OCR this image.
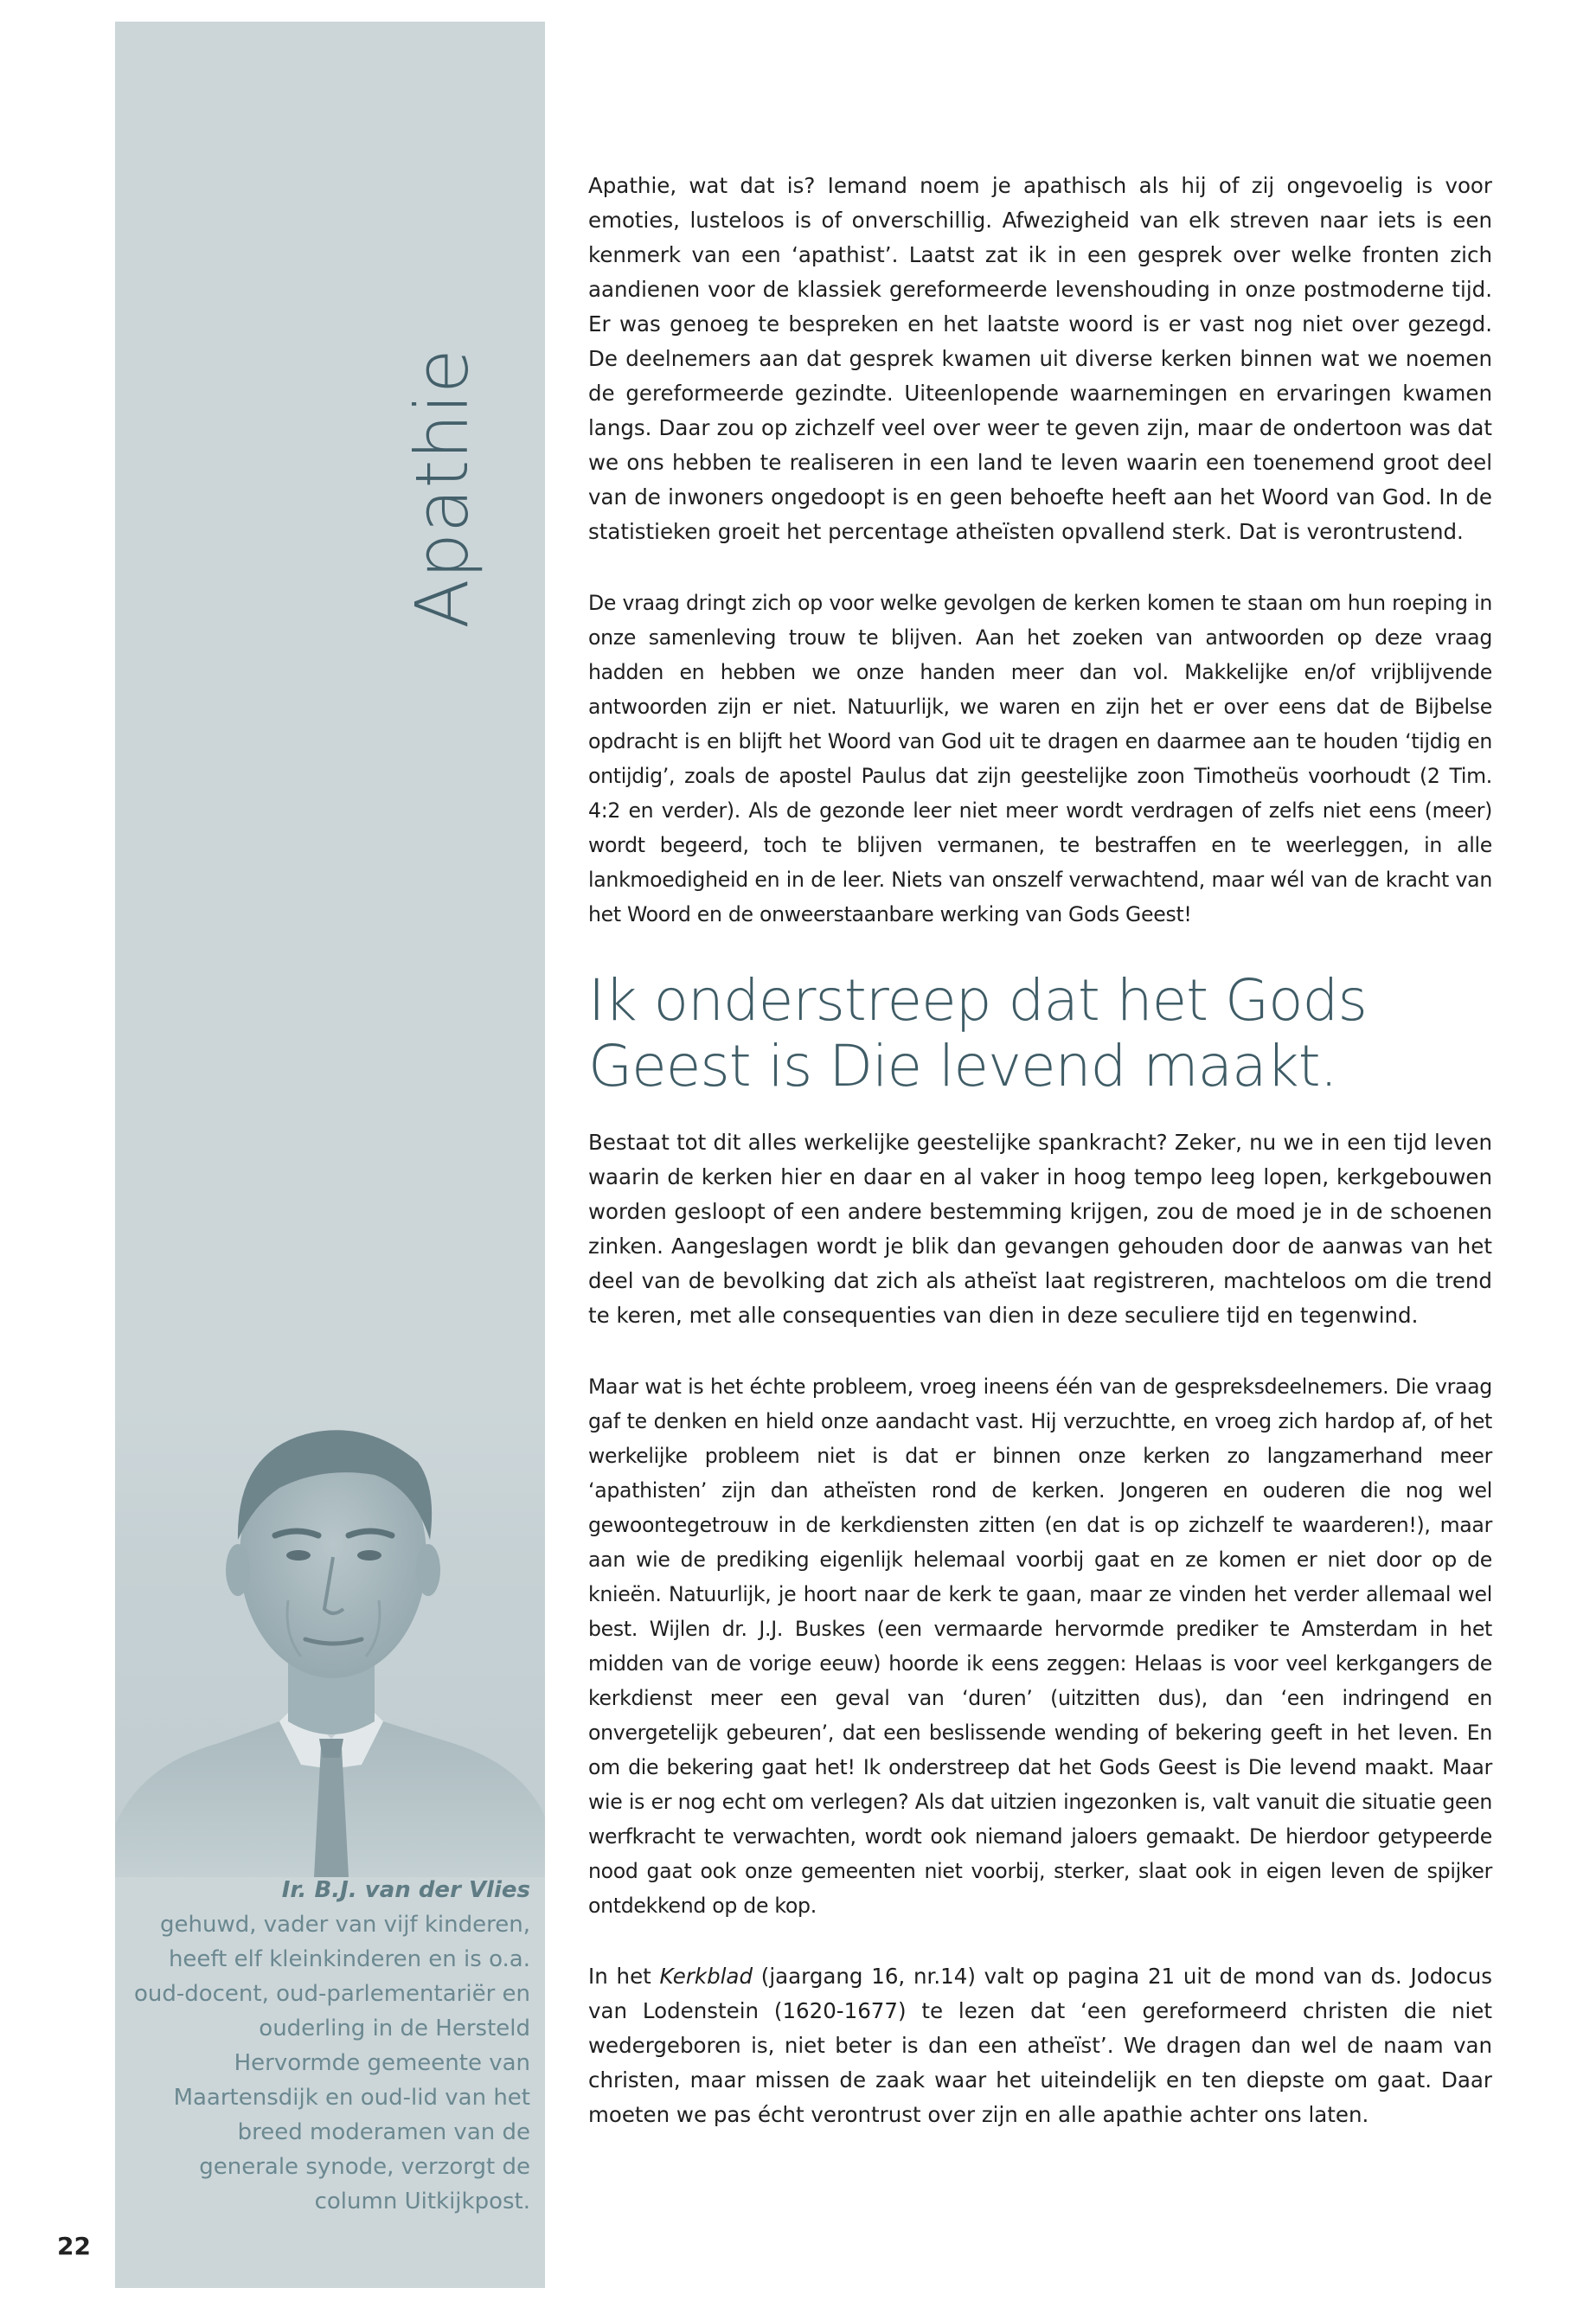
Apathie
Ir. B.J. van der Vlies
gehuwd, vader van vijf kinderen, heeft elf kleinkinderen en is o.a. oud-docent, oud-parlementariër en ouderling in de Hersteld Hervormde gemeente van Maartensdijk en oud-lid van het breed moderamen van de generale synode, verzorgt de column Uitkijkpost.
22

Apathie, wat dat is? Iemand noem je apathisch als hij of zij ongevoelig is voor emoties, lusteloos is of onverschillig. Afwezigheid van elk streven naar iets is een kenmerk van een ‘apathist’. Laatst zat ik in een gesprek over welke fronten zich aandienen voor de klassiek gereformeerde levenshouding in onze postmoderne tijd. Er was genoeg te bespreken en het laatste woord is er vast nog niet over gezegd. De deelnemers aan dat gesprek kwamen uit diverse kerken binnen wat we noemen de gereformeerde gezindte. Uiteenlopende waarnemingen en ervaringen kwamen langs. Daar zou op zichzelf veel over weer te geven zijn, maar de ondertoon was dat we ons hebben te realiseren in een land te leven waarin een toenemend groot deel van de inwoners ongedoopt is en geen behoefte heeft aan het Woord van God. In de statistieken groeit het percentage atheïsten opvallend sterk. Dat is verontrustend.

De vraag dringt zich op voor welke gevolgen de kerken komen te staan om hun roeping in onze samenleving trouw te blijven. Aan het zoeken van antwoorden op deze vraag hadden en hebben we onze handen meer dan vol. Makkelijke en/of vrijblijvende antwoorden zijn er niet. Natuurlijk, we waren en zijn het er over eens dat de Bijbelse opdracht is en blijft het Woord van God uit te dragen en daarmee aan te houden ‘tijdig en ontijdig’, zoals de apostel Paulus dat zijn geestelijke zoon Timotheüs voorhoudt (2 Tim. 4:2 en verder). Als de gezonde leer niet meer wordt verdragen of zelfs niet eens (meer) wordt begeerd, toch te blijven vermanen, te bestraffen en te weerleggen, in alle lankmoedigheid en in de leer. Niets van onszelf verwachtend, maar wél van de kracht van het Woord en de onweerstaanbare werking van Gods Geest!

Ik onderstreep dat het Gods Geest is Die levend maakt.

Bestaat tot dit alles werkelijke geestelijke spankracht? Zeker, nu we in een tijd leven waarin de kerken hier en daar en al vaker in hoog tempo leeg lopen, kerkgebouwen worden gesloopt of een andere bestemming krijgen, zou de moed je in de schoenen zinken. Aangeslagen wordt je blik dan gevangen gehouden door de aanwas van het deel van de bevolking dat zich als atheïst laat registreren, machteloos om die trend te keren, met alle consequenties van dien in deze seculiere tijd en tegenwind.

Maar wat is het échte probleem, vroeg ineens één van de gespreksdeelnemers. Die vraag gaf te denken en hield onze aandacht vast. Hij verzuchtte, en vroeg zich hardop af, of het werkelijke probleem niet is dat er binnen onze kerken zo langzamerhand meer ‘apathisten’ zijn dan atheïsten rond de kerken. Jongeren en ouderen die nog wel gewoontegetrouw in de kerkdiensten zitten (en dat is op zichzelf te waarderen!), maar aan wie de prediking eigenlijk helemaal voorbij gaat en ze komen er niet door op de knieën. Natuurlijk, je hoort naar de kerk te gaan, maar ze vinden het verder allemaal wel best. Wijlen dr. J.J. Buskes (een vermaarde hervormde prediker te Amsterdam in het midden van de vorige eeuw) hoorde ik eens zeggen: Helaas is voor veel kerkgangers de kerkdienst meer een geval van ‘duren’ (uitzitten dus), dan ‘een indringend en onvergetelijk gebeuren’, dat een beslissende wending of bekering geeft in het leven. En om die bekering gaat het! Ik onderstreep dat het Gods Geest is Die levend maakt. Maar wie is er nog echt om verlegen? Als dat uitzien ingezonken is, valt vanuit die situatie geen werfkracht te verwachten, wordt ook niemand jaloers gemaakt. De hierdoor getypeerde nood gaat ook onze gemeenten niet voorbij, sterker, slaat ook in eigen leven de spijker ontdekkend op de kop.

In het Kerkblad (jaargang 16, nr.14) valt op pagina 21 uit de mond van ds. Jodocus van Lodenstein (1620-1677) te lezen dat ‘een gereformeerd christen die niet wedergeboren is, niet beter is dan een atheïst’. We dragen dan wel de naam van christen, maar missen de zaak waar het uiteindelijk en ten diepste om gaat. Daar moeten we pas écht verontrust over zijn en alle apathie achter ons laten.
